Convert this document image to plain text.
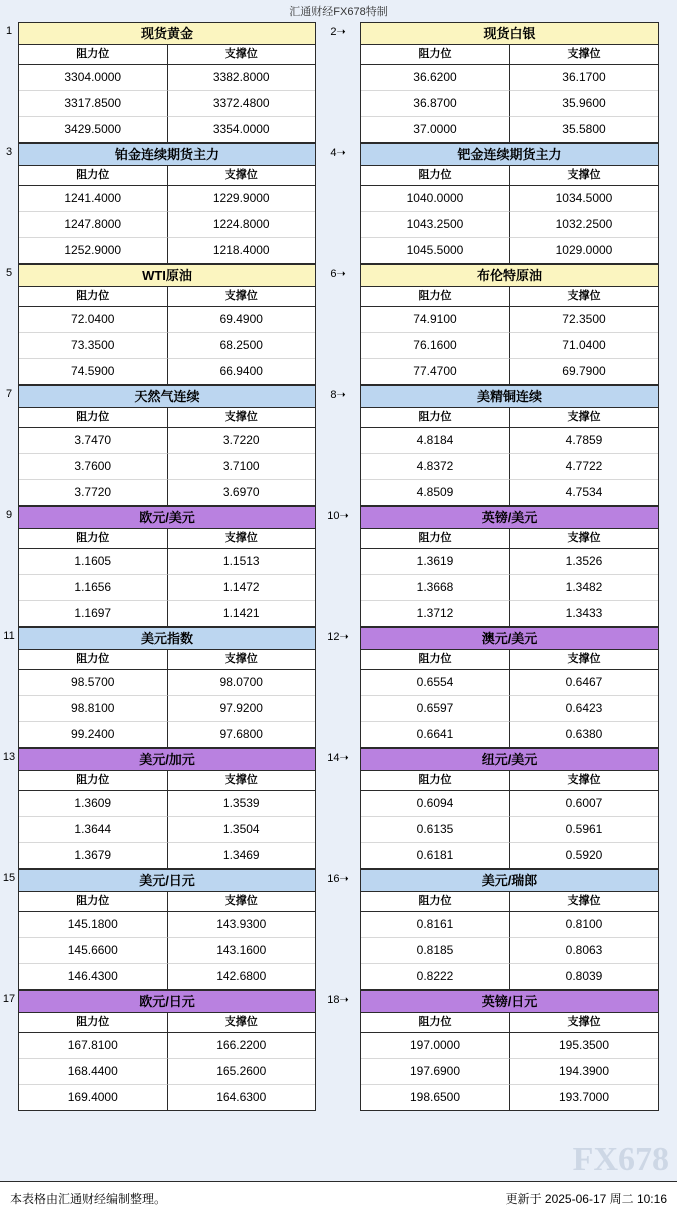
汇通财经FX678特制
1	现货黄金
阻力位	支撑位
3304.0000	3382.8000
3317.8500	3372.4800
3429.5000	3354.0000
2➝	现货白银
阻力位	支撑位
36.6200	36.1700
36.8700	35.9600
37.0000	35.5800
3	铂金连续期货主力
阻力位	支撑位
1241.4000	1229.9000
1247.8000	1224.8000
1252.9000	1218.4000
4➝	钯金连续期货主力
阻力位	支撑位
1040.0000	1034.5000
1043.2500	1032.2500
1045.5000	1029.0000
5	WTI原油
阻力位	支撑位
72.0400	69.4900
73.3500	68.2500
74.5900	66.9400
6➝	布伦特原油
阻力位	支撑位
74.9100	72.3500
76.1600	71.0400
77.4700	69.7900
7	天然气连续
阻力位	支撑位
3.7470	3.7220
3.7600	3.7100
3.7720	3.6970
8➝	美精铜连续
阻力位	支撑位
4.8184	4.7859
4.8372	4.7722
4.8509	4.7534
9	欧元/美元
阻力位	支撑位
1.1605	1.1513
1.1656	1.1472
1.1697	1.1421
10➝	英镑/美元
阻力位	支撑位
1.3619	1.3526
1.3668	1.3482
1.3712	1.3433
11	美元指数
阻力位	支撑位
98.5700	98.0700
98.8100	97.9200
99.2400	97.6800
12➝	澳元/美元
阻力位	支撑位
0.6554	0.6467
0.6597	0.6423
0.6641	0.6380
13	美元/加元
阻力位	支撑位
1.3609	1.3539
1.3644	1.3504
1.3679	1.3469
14➝	纽元/美元
阻力位	支撑位
0.6094	0.6007
0.6135	0.5961
0.6181	0.5920
15	美元/日元
阻力位	支撑位
145.1800	143.9300
145.6600	143.1600
146.4300	142.6800
16➝	美元/瑞郎
阻力位	支撑位
0.8161	0.8100
0.8185	0.8063
0.8222	0.8039
17	欧元/日元
阻力位	支撑位
167.8100	166.2200
168.4400	165.2600
169.4000	164.6300
18➝	英镑/日元
阻力位	支撑位
197.0000	195.3500
197.6900	194.3900
198.6500	193.7000
FX678
本表格由汇通财经编制整理。	更新于 2025-06-17 周二 10:16
